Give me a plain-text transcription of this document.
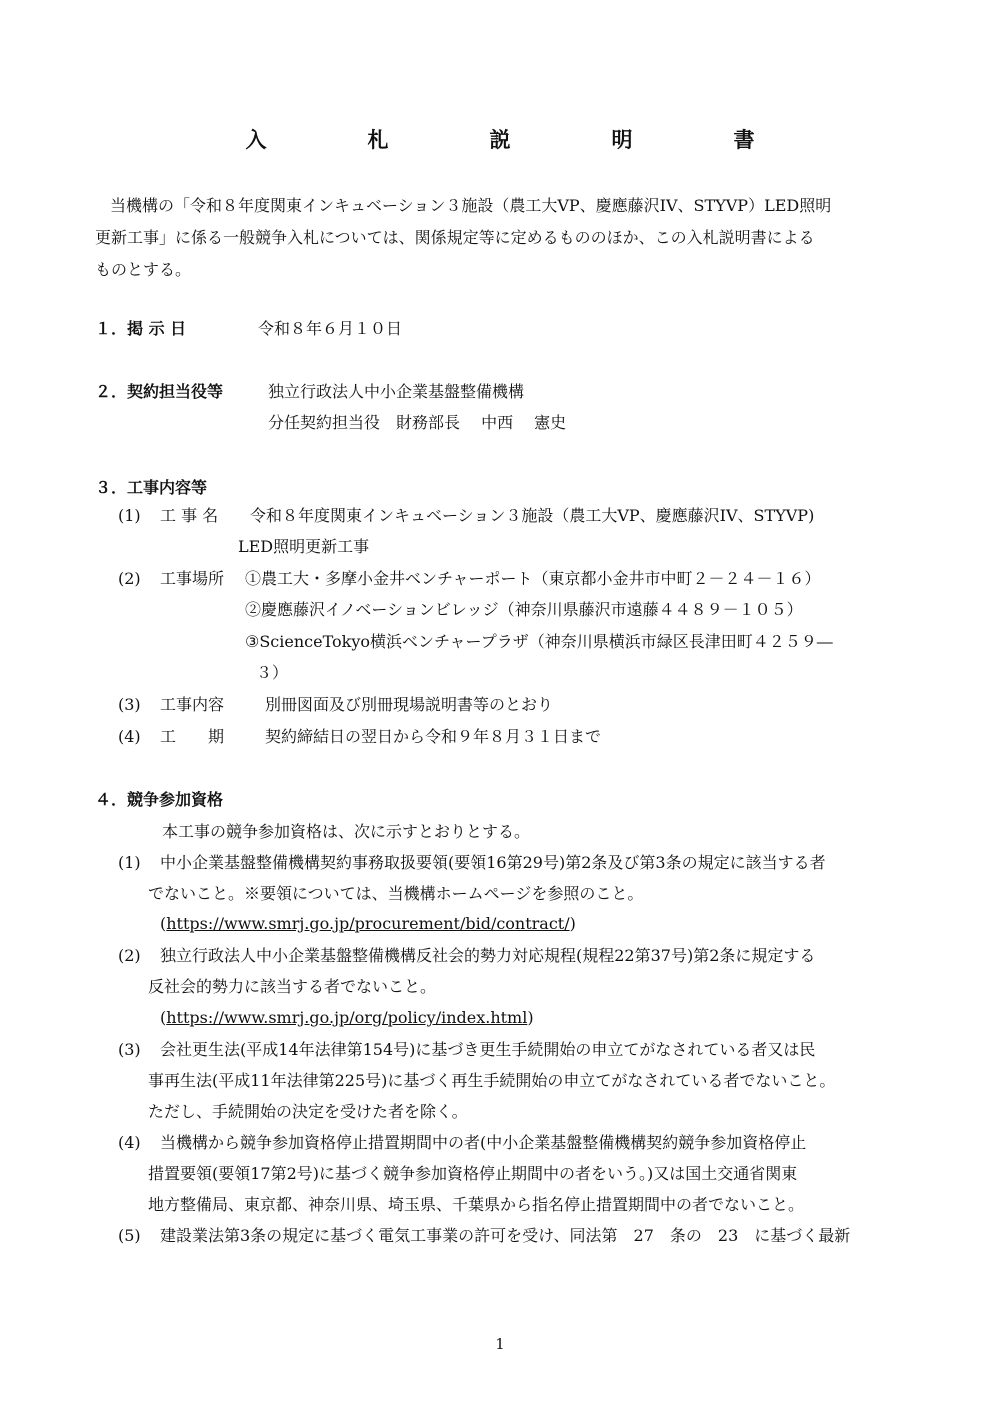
入　札　説　明　書
当機構の「令和８年度関東インキュベーション３施設（農工大VP、慶應藤沢IV、STYVP）LED照明
更新工事」に係る一般競争入札については、関係規定等に定めるもののほか、この入札説明書による
ものとする。
１．掲 示 日	令和８年６月１０日
２．契約担当役等	独立行政法人中小企業基盤整備機構
分任契約担当役　財務部長　 中西　 憲史
３．工事内容等
(1) 工 事 名 令和８年度関東インキュベーション３施設（農工大VP、慶應藤沢IV、STYVP)
LED照明更新工事
(2) 工事場所 ①農工大・多摩小金井ベンチャーポート（東京都小金井市中町２－２４－１６）
②慶應藤沢イノベーションビレッジ（神奈川県藤沢市遠藤４４８９－１０５）
③ScienceTokyo横浜ベンチャープラザ（神奈川県横浜市緑区長津田町４２５９―
３）
(3) 工事内容	別冊図面及び別冊現場説明書等のとおり
(4) 工　　期	契約締結日の翌日から令和９年８月３１日まで
４．競争参加資格
本工事の競争参加資格は、次に示すとおりとする。
(1) 中小企業基盤整備機構契約事務取扱要領(要領16第29号)第2条及び第3条の規定に該当する者
でないこと。※要領については、当機構ホームページを参照のこと。
(https://www.smrj.go.jp/procurement/bid/contract/)
(2) 独立行政法人中小企業基盤整備機構反社会的勢力対応規程(規程22第37号)第2条に規定する
反社会的勢力に該当する者でないこと。
(https://www.smrj.go.jp/org/policy/index.html)
(3) 会社更生法(平成14年法律第154号)に基づき更生手続開始の申立てがなされている者又は民
事再生法(平成11年法律第225号)に基づく再生手続開始の申立てがなされている者でないこと。
ただし、手続開始の決定を受けた者を除く。
(4) 当機構から競争参加資格停止措置期間中の者(中小企業基盤整備機構契約競争参加資格停止
措置要領(要領17第2号)に基づく競争参加資格停止期間中の者をいう。)又は国土交通省関東
地方整備局、東京都、神奈川県、埼玉県、千葉県から指名停止措置期間中の者でないこと。
(5) 建設業法第3条の規定に基づく電気工事業の許可を受け、同法第　27　条の　23　に基づく最新
1
